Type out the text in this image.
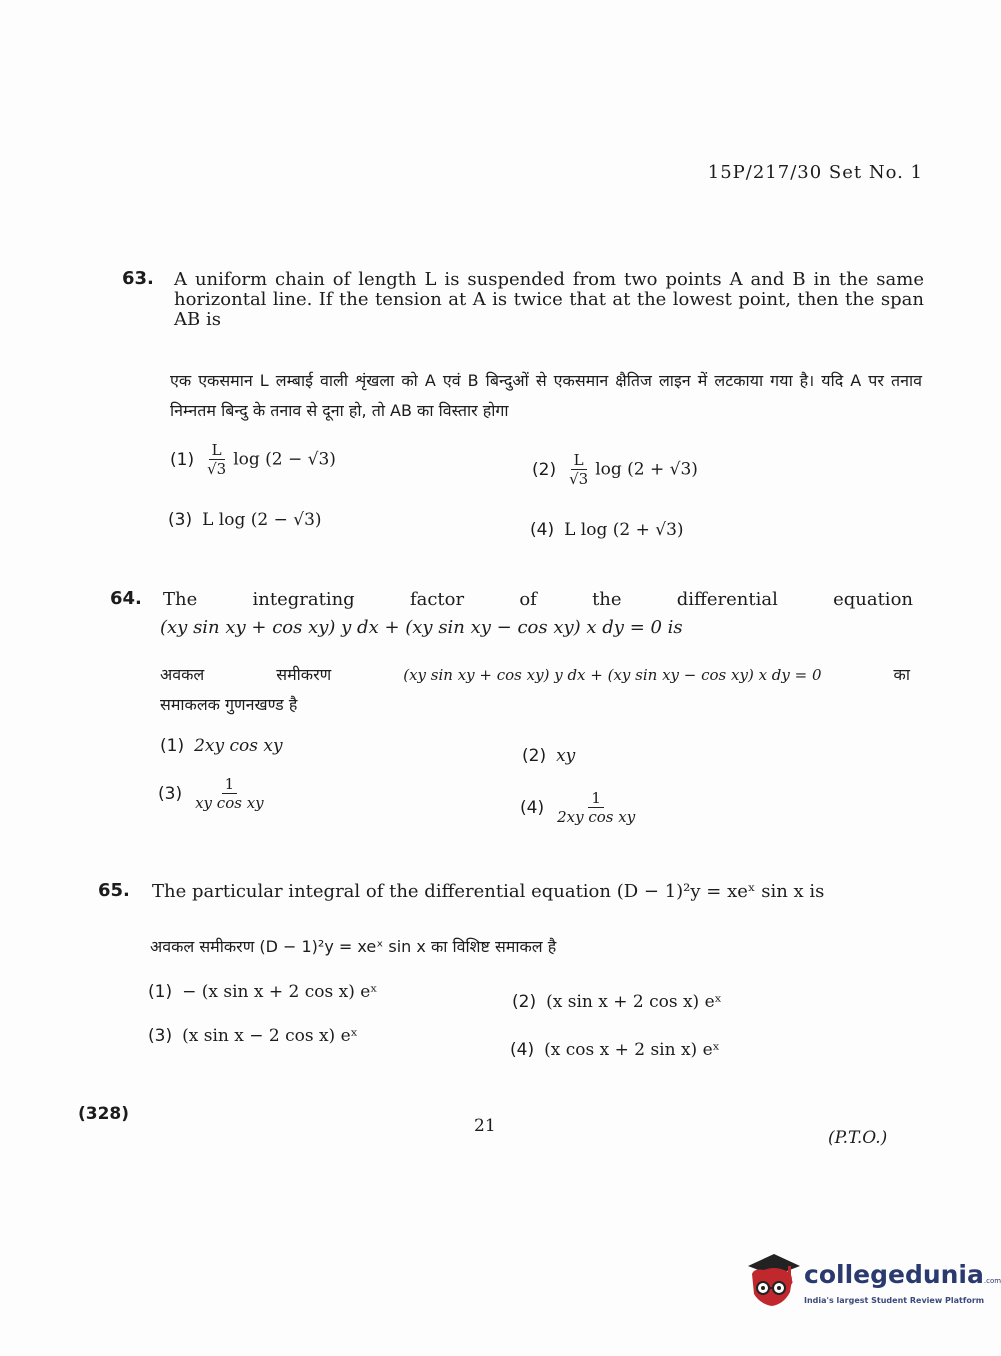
15P/217/30 Set No. 1
63. A uniform chain of length L is suspended from two points A and B in the same horizontal line. If the tension at A is twice that at the lowest point, then the span AB is
एक एकसमान L लम्बाई वाली शृंखला को A एवं B बिन्दुओं से एकसमान क्षैतिज लाइन में लटकाया गया है। यदि A पर तनाव निम्नतम बिन्दु के तनाव से दूना हो, तो AB का विस्तार होगा
$(1) \frac{L}{√3}$ log (2 − √3)	$(2) \frac{L}{√3}$ log (2 + √3)
(3) L log (2 − √3)	(4) L log (2 + √3)
64. The	integrating	factor	of	the	differential	equation
(xy sin xy + cos xy) y dx + (xy sin xy − cos xy) x dy = 0 is
अवकल	समीकरण	(xy sin xy + cos xy) y dx + (xy sin xy − cos xy) x dy = 0	का
समाकलक गुणनखण्ड है
(1) 2xy cos xy	(2) xy
$(3) \frac{1}{\text{xy cos xy}}$	$(4) \frac{1}{\text{2xy cos xy}}$
65. The particular integral of the differential equation (D − 1)²y = xeˣ sin x is
अवकल समीकरण (D − 1)²y = xeˣ sin x का विशिष्ट समाकल है
(1) − (x sin x + 2 cos x) eˣ	(2) (x sin x + 2 cos x) eˣ
(3) (x sin x − 2 cos x) eˣ
(4) (x cos x + 2 sin x) eˣ
(328)
21
(P.T.O.)
collegedunia.com
India's largest Student Review Platform
